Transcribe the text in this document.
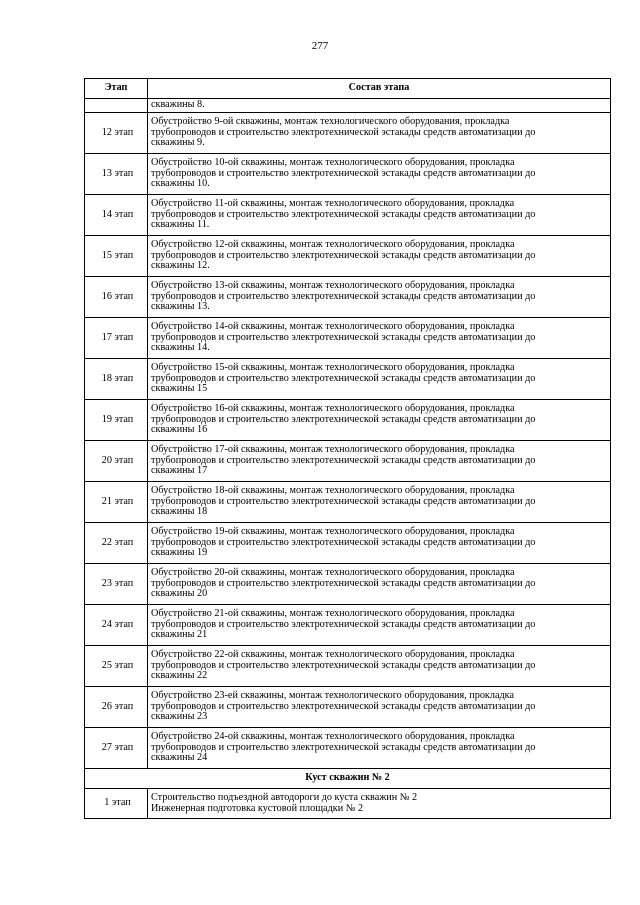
277
Этап	Состав этапа
	скважины 8.
12 этап	Обустройство 9-ой скважины, монтаж технологического оборудования, прокладка
трубопроводов и строительство электротехнической эстакады средств автоматизации до
скважины 9.
13 этап	Обустройство 10-ой скважины, монтаж технологического оборудования, прокладка
трубопроводов и строительство электротехнической эстакады средств автоматизации до
скважины 10.
14 этап	Обустройство 11-ой скважины, монтаж технологического оборудования, прокладка
трубопроводов и строительство электротехнической эстакады средств автоматизации до
скважины 11.
15 этап	Обустройство 12-ой скважины, монтаж технологического оборудования, прокладка
трубопроводов и строительство электротехнической эстакады средств автоматизации до
скважины 12.
16 этап	Обустройство 13-ой скважины, монтаж технологического оборудования, прокладка
трубопроводов и строительство электротехнической эстакады средств автоматизации до
скважины 13.
17 этап	Обустройство 14-ой скважины, монтаж технологического оборудования, прокладка
трубопроводов и строительство электротехнической эстакады средств автоматизации до
скважины 14.
18 этап	Обустройство 15-ой скважины, монтаж технологического оборудования, прокладка
трубопроводов и строительство электротехнической эстакады средств автоматизации до
скважины 15
19 этап	Обустройство 16-ой скважины, монтаж технологического оборудования, прокладка
трубопроводов и строительство электротехнической эстакады средств автоматизации до
скважины 16
20 этап	Обустройство 17-ой скважины, монтаж технологического оборудования, прокладка
трубопроводов и строительство электротехнической эстакады средств автоматизации до
скважины 17
21 этап	Обустройство 18-ой скважины, монтаж технологического оборудования, прокладка
трубопроводов и строительство электротехнической эстакады средств автоматизации до
скважины 18
22 этап	Обустройство 19-ой скважины, монтаж технологического оборудования, прокладка
трубопроводов и строительство электротехнической эстакады средств автоматизации до
скважины 19
23 этап	Обустройство 20-ой скважины, монтаж технологического оборудования, прокладка
трубопроводов и строительство электротехнической эстакады средств автоматизации до
скважины 20
24 этап	Обустройство 21-ой скважины, монтаж технологического оборудования, прокладка
трубопроводов и строительство электротехнической эстакады средств автоматизации до
скважины 21
25 этап	Обустройство 22-ой скважины, монтаж технологического оборудования, прокладка
трубопроводов и строительство электротехнической эстакады средств автоматизации до
скважины 22
26 этап	Обустройство 23-ей скважины, монтаж технологического оборудования, прокладка
трубопроводов и строительство электротехнической эстакады средств автоматизации до
скважины 23
27 этап	Обустройство 24-ой скважины, монтаж технологического оборудования, прокладка
трубопроводов и строительство электротехнической эстакады средств автоматизации до
скважины 24
Куст скважин № 2	
1 этап	Строительство подъездной автодороги до куста скважин № 2
Инженерная подготовка кустовой площадки № 2
